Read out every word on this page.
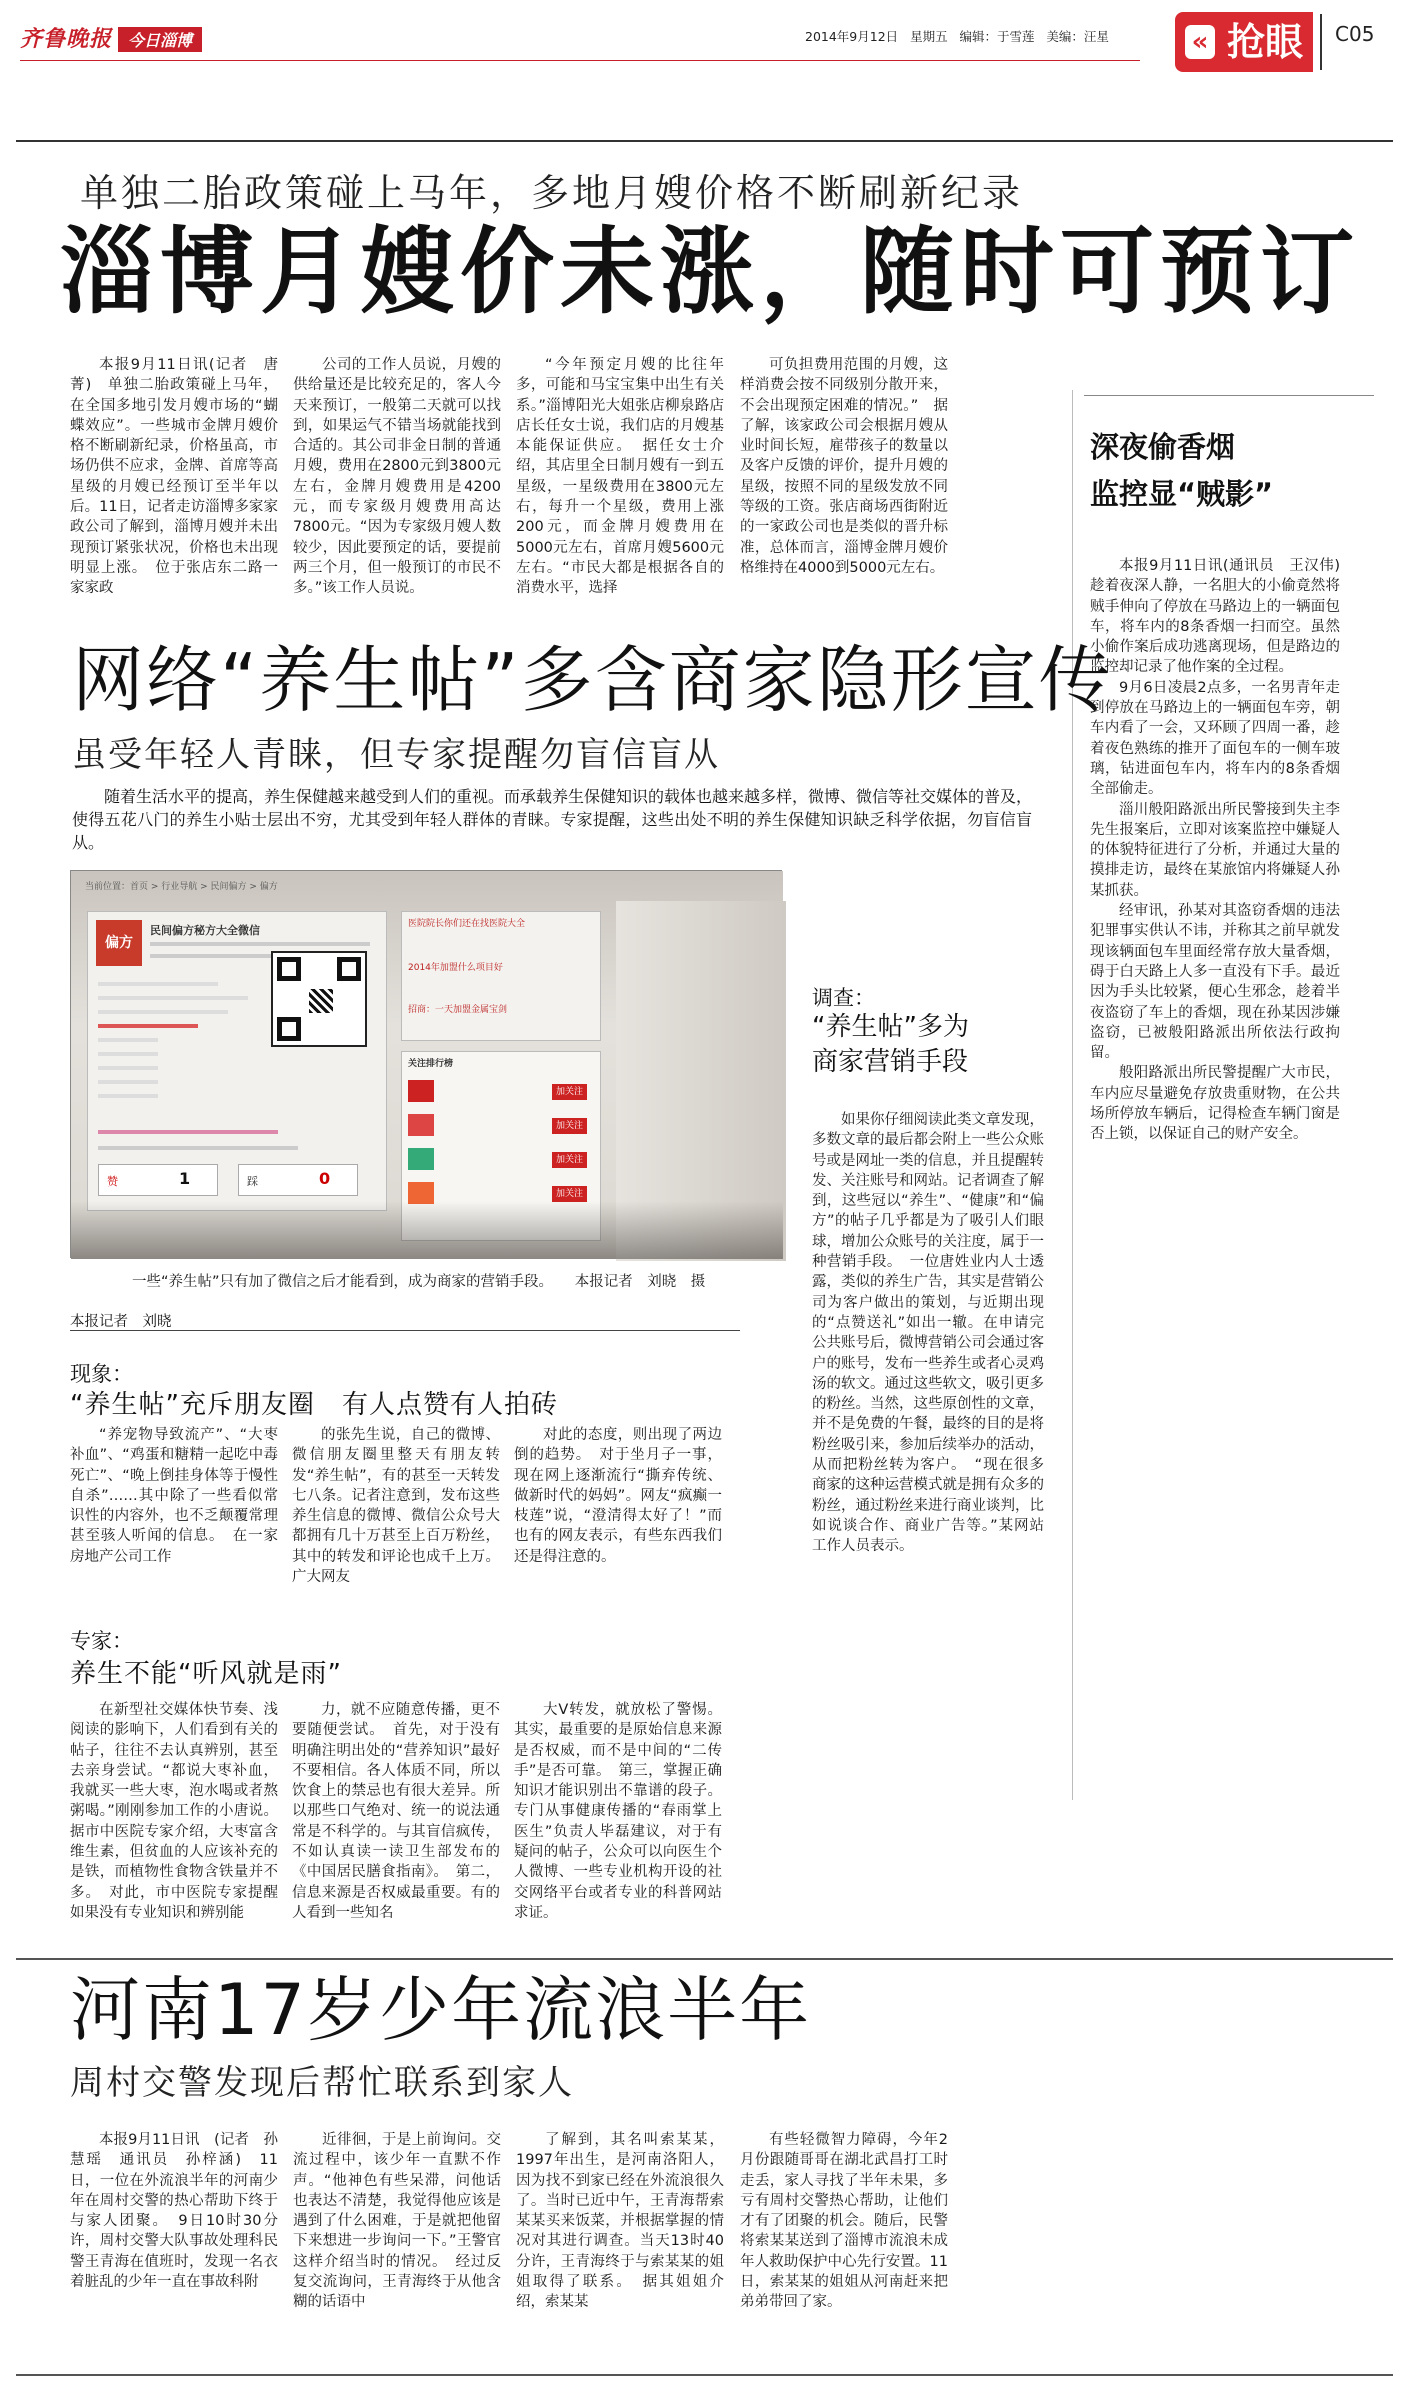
齐鲁晚报 今日淄博	2014年9月12日   星期五   编辑：于雪莲   美编：汪星	« 抢眼 C05
单独二胎政策碰上马年，多地月嫂价格不断刷新纪录
淄博月嫂价未涨，随时可预订

本报9月11日讯(记者　唐菁)　单独二胎政策碰上马年，在全国多地引发月嫂市场的“蝴蝶效应”。一些城市金牌月嫂价格不断刷新纪录，价格虽高，市场仍供不应求，金牌、首席等高星级的月嫂已经预订至半年以后。11日，记者走访淄博多家家政公司了解到，淄博月嫂并未出现预订紧张状况，价格也未出现明显上涨。　位于张店东二路一家家政

公司的工作人员说，月嫂的供给量还是比较充足的，客人今天来预订，一般第二天就可以找到，如果运气不错当场就能找到合适的。其公司非金日制的普通月嫂，费用在2800元到3800元左右，金牌月嫂费用是4200元，而专家级月嫂费用高达7800元。“因为专家级月嫂人数较少，因此要预定的话，要提前两三个月，但一般预订的市民不多。”该工作人员说。

“今年预定月嫂的比往年多，可能和马宝宝集中出生有关系。”淄博阳光大姐张店柳泉路店店长任女士说，我们店的月嫂基本能保证供应。　据任女士介绍，其店里全日制月嫂有一到五星级，一星级费用在3800元左右，每升一个星级，费用上涨200元，而金牌月嫂费用在5000元左右，首席月嫂5600元左右。“市民大都是根据各自的消费水平，选择

可负担费用范围的月嫂，这样消费会按不同级别分散开来，不会出现预定困难的情况。”　据了解，该家政公司会根据月嫂从业时间长短，雇带孩子的数量以及客户反馈的评价，提升月嫂的星级，按照不同的星级发放不同等级的工资。张店商场西街附近的一家政公司也是类似的晋升标准，总体而言，淄博金牌月嫂价格维持在4000到5000元左右。

深夜偷香烟
监控显“贼影”

本报9月11日讯(通讯员　王汉伟)　趁着夜深人静，一名胆大的小偷竟然将贼手伸向了停放在马路边上的一辆面包车，将车内的8条香烟一扫而空。虽然小偷作案后成功逃离现场，但是路边的监控却记录了他作案的全过程。

9月6日凌晨2点多，一名男青年走到停放在马路边上的一辆面包车旁，朝车内看了一会，又环顾了四周一番，趁着夜色熟练的推开了面包车的一侧车玻璃，钻进面包车内，将车内的8条香烟全部偷走。

淄川般阳路派出所民警接到失主李先生报案后，立即对该案监控中嫌疑人的体貌特征进行了分析，并通过大量的摸排走访，最终在某旅馆内将嫌疑人孙某抓获。

经审讯，孙某对其盗窃香烟的违法犯罪事实供认不讳，并称其之前早就发现该辆面包车里面经常存放大量香烟，碍于白天路上人多一直没有下手。最近因为手头比较紧，便心生邪念，趁着半夜盗窃了车上的香烟，现在孙某因涉嫌盗窃，已被般阳路派出所依法行政拘留。

般阳路派出所民警提醒广大市民，车内应尽量避免存放贵重财物，在公共场所停放车辆后，记得检查车辆门窗是否上锁，以保证自己的财产安全。

网络“养生帖”多含商家隐形宣传
虽受年轻人青睐，但专家提醒勿盲信盲从
随着生活水平的提高，养生保健越来越受到人们的重视。而承载养生保健知识的载体也越来越多样，微博、微信等社交媒体的普及，使得五花八门的养生小贴士层出不穷，尤其受到年轻人群体的青睐。专家提醒，这些出处不明的养生保健知识缺乏科学依据，勿盲信盲从。
当前位置：首页 > 行业导航 > 民间偏方 > 偏方
偏方
民间偏方秘方大全微信
赞	1	踩	0
医院院长你们还在找医院大全
2014年加盟什么项目好
招商：一天加盟金属宝剑
关注排行榜
加关注
加关注
加关注
加关注
一些“养生帖”只有加了微信之后才能看到，成为商家的营销手段。　　本报记者　刘晓　摄
本报记者　刘晓
现象：
“养生帖”充斥朋友圈　有人点赞有人拍砖

“养宠物导致流产”、“大枣补血”、“鸡蛋和糖精一起吃中毒死亡”、“晚上倒挂身体等于慢性自杀”……其中除了一些看似常识性的内容外，也不乏颠覆常理甚至骇人听闻的信息。　在一家房地产公司工作

的张先生说，自己的微博、微信朋友圈里整天有朋友转发“养生帖”，有的甚至一天转发七八条。记者注意到，发布这些养生信息的微博、微信公众号大都拥有几十万甚至上百万粉丝，其中的转发和评论也成千上万。广大网友

对此的态度，则出现了两边倒的趋势。　对于坐月子一事，现在网上逐渐流行“撕弃传统、做新时代的妈妈”。网友“疯癫一枝莲”说，“澄清得太好了！”而也有的网友表示，有些东西我们还是得注意的。

专家：
养生不能“听风就是雨”

在新型社交媒体快节奏、浅阅读的影响下，人们看到有关的帖子，往往不去认真辨别，甚至去亲身尝试。“都说大枣补血，我就买一些大枣，泡水喝或者熬粥喝。”刚刚参加工作的小唐说。据市中医院专家介绍，大枣富含维生素，但贫血的人应该补充的是铁，而植物性食物含铁量并不多。　对此，市中医院专家提醒如果没有专业知识和辨别能

力，就不应随意传播，更不要随便尝试。　首先，对于没有明确注明出处的“营养知识”最好不要相信。各人体质不同，所以饮食上的禁忌也有很大差异。所以那些口气绝对、统一的说法通常是不科学的。与其盲信疯传，不如认真读一读卫生部发布的《中国居民膳食指南》。　第二，信息来源是否权威最重要。有的人看到一些知名

大V转发，就放松了警惕。其实，最重要的是原始信息来源是否权威，而不是中间的“二传手”是否可靠。　第三，掌握正确知识才能识别出不靠谱的段子。专门从事健康传播的“春雨掌上医生”负责人毕磊建议，对于有疑问的帖子，公众可以向医生个人微博、一些专业机构开设的社交网络平台或者专业的科普网站求证。

调查：
“养生帖”多为
商家营销手段

如果你仔细阅读此类文章发现，多数文章的最后都会附上一些公众账号或是网址一类的信息，并且提醒转发、关注账号和网站。记者调查了解到，这些冠以“养生”、“健康”和“偏方”的帖子几乎都是为了吸引人们眼球，增加公众账号的关注度，属于一种营销手段。　一位唐姓业内人士透露，类似的养生广告，其实是营销公司为客户做出的策划，与近期出现的“点赞送礼”如出一辙。在申请完公共账号后，微博营销公司会通过客户的账号，发布一些养生或者心灵鸡汤的软文。通过这些软文，吸引更多的粉丝。当然，这些原创性的文章，并不是免费的午餐，最终的目的是将粉丝吸引来，参加后续举办的活动，从而把粉丝转为客户。　“现在很多商家的这种运营模式就是拥有众多的粉丝，通过粉丝来进行商业谈判，比如说谈合作、商业广告等。”某网站工作人员表示。

河南17岁少年流浪半年
周村交警发现后帮忙联系到家人

本报9月11日讯　(记者　孙慧瑶　通讯员　孙梓涵)　11日，一位在外流浪半年的河南少年在周村交警的热心帮助下终于与家人团聚。　9日10时30分许，周村交警大队事故处理科民警王青海在值班时，发现一名衣着脏乱的少年一直在事故科附

近徘徊，于是上前询问。交流过程中，该少年一直默不作声。“他神色有些呆滞，问他话也表达不清楚，我觉得他应该是遇到了什么困难，于是就把他留下来想进一步询问一下。”王警官这样介绍当时的情况。　经过反复交流询问，王青海终于从他含糊的话语中

了解到，其名叫索某某，1997年出生，是河南洛阳人，因为找不到家已经在外流浪很久了。当时已近中午，王青海帮索某某买来饭菜，并根据掌握的情况对其进行调查。当天13时40分许，王青海终于与索某某的姐姐取得了联系。　据其姐姐介绍，索某某

有些轻微智力障碍，今年2月份跟随哥哥在湖北武昌打工时走丢，家人寻找了半年未果，多亏有周村交警热心帮助，让他们才有了团聚的机会。随后，民警将索某某送到了淄博市流浪未成年人救助保护中心先行安置。11日，索某某的姐姐从河南赶来把弟弟带回了家。
